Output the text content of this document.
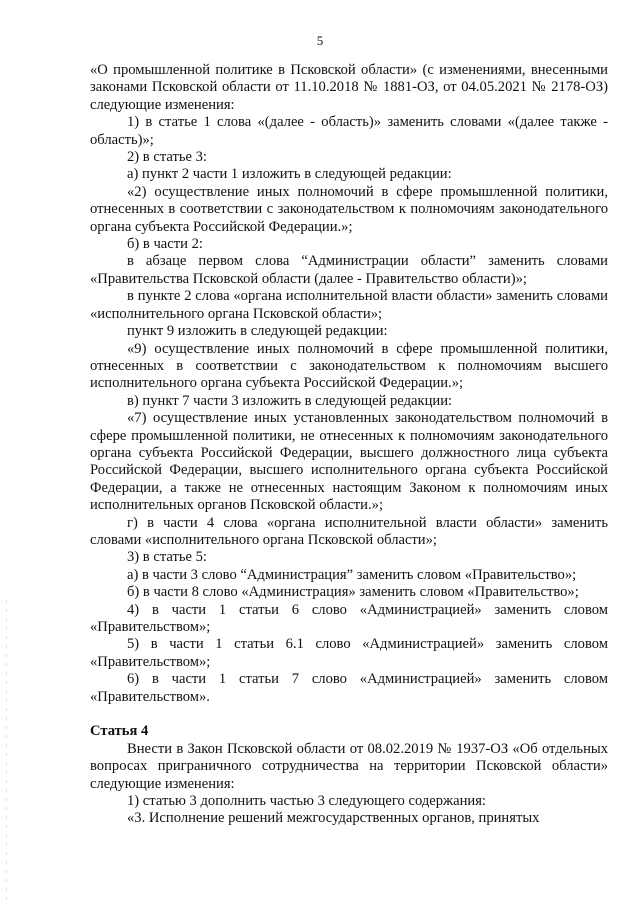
5

«О промышленной политике в Псковской области» (с изменениями, внесенными законами Псковской области от 11.10.2018 № 1881-ОЗ, от 04.05.2021 № 2178-ОЗ) следующие изменения:

1) в статье 1 слова «(далее - область)» заменить словами «(далее также - область)»;

2) в статье 3:

а) пункт 2 части 1 изложить в следующей редакции:

«2) осуществление иных полномочий в сфере промышленной политики, отнесенных в соответствии с законодательством к полномочиям законодательного органа субъекта Российской Федерации.»;

б) в части 2:

в абзаце первом слова “Администрации области” заменить словами «Правительства Псковской области (далее - Правительство области)»;

в пункте 2 слова «органа исполнительной власти области» заменить словами «исполнительного органа Псковской области»;

пункт 9 изложить в следующей редакции:

«9) осуществление иных полномочий в сфере промышленной политики, отнесенных в соответствии с законодательством к полномочиям высшего исполнительного органа субъекта Российской Федерации.»;

в) пункт 7 части 3 изложить в следующей редакции:

«7) осуществление иных установленных законодательством полномочий в сфере промышленной политики, не отнесенных к полномочиям законодательного органа субъекта Российской Федерации, высшего должностного лица субъекта Российской Федерации, высшего исполнительного органа субъекта Российской Федерации, а также не отнесенных настоящим Законом к полномочиям иных исполнительных органов Псковской области.»;

г) в части 4 слова «органа исполнительной власти области» заменить словами «исполнительного органа Псковской области»;

3) в статье 5:

а) в части 3 слово “Администрация” заменить словом «Правительство»;

б) в части 8 слово «Администрация» заменить словом «Правительство»;

4) в части 1 статьи 6 слово «Администрацией» заменить словом «Правительством»;

5) в части 1 статьи 6.1 слово «Администрацией» заменить словом «Правительством»;

6) в части 1 статьи 7 слово «Администрацией» заменить словом «Правительством».

Статья 4

Внести в Закон Псковской области от 08.02.2019 № 1937-ОЗ «Об отдельных вопросах приграничного сотрудничества на территории Псковской области» следующие изменения:

1) статью 3 дополнить частью 3 следующего содержания:

«3. Исполнение решений межгосударственных органов, принятых
